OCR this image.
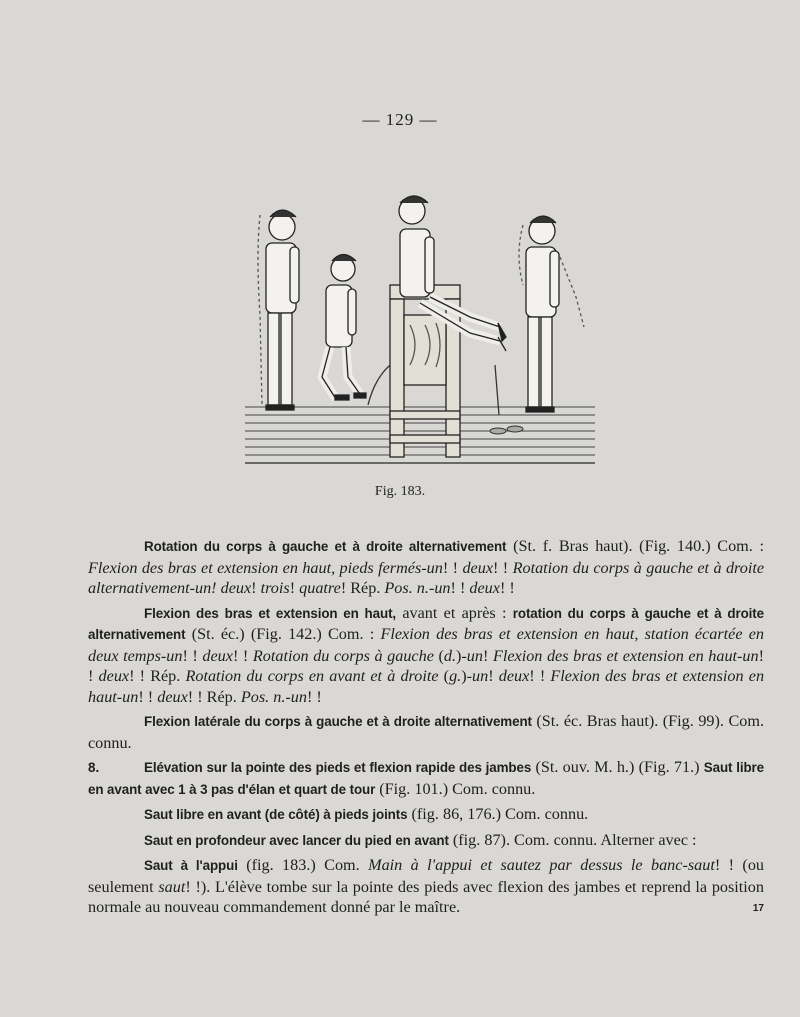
— 129 —
Fig. 183.

Rotation du corps à gauche et à droite alternativement (St. f. Bras haut). (Fig. 140.) Com. : Flexion des bras et extension en haut, pieds fermés-un! ! deux! ! Rotation du corps à gauche et à droite alternativement-un! deux! trois! quatre! Rép. Pos. n.-un! ! deux! !

Flexion des bras et extension en haut, avant et après : rotation du corps à gauche et à droite alternativement (St. éc.) (Fig. 142.) Com. : Flexion des bras et extension en haut, station écartée en deux temps-un! ! deux! ! Rotation du corps à gauche (d.)-un! Flexion des bras et extension en haut-un! ! deux! ! Rép. Rotation du corps en avant et à droite (g.)-un! deux! ! Flexion des bras et extension en haut-un! ! deux! ! Rép. Pos. n.-un! !

Flexion latérale du corps à gauche et à droite alternativement (St. éc. Bras haut). (Fig. 99). Com. connu.

8.	Elévation sur la pointe des pieds et flexion rapide des jambes (St. ouv. M. h.) (Fig. 71.) Saut libre en avant avec 1 à 3 pas d'élan et quart de tour (Fig. 101.) Com. connu.

Saut libre en avant (de côté) à pieds joints (fig. 86, 176.) Com. connu.

Saut en profondeur avec lancer du pied en avant (fig. 87). Com. connu. Alterner avec :

Saut à l'appui (fig. 183.) Com. Main à l'appui et sautez par dessus le banc-saut! ! (ou seulement saut! !). L'élève tombe sur la pointe des pieds avec flexion des jambes et reprend la position normale au nouveau commandement donné par le maître.	17
